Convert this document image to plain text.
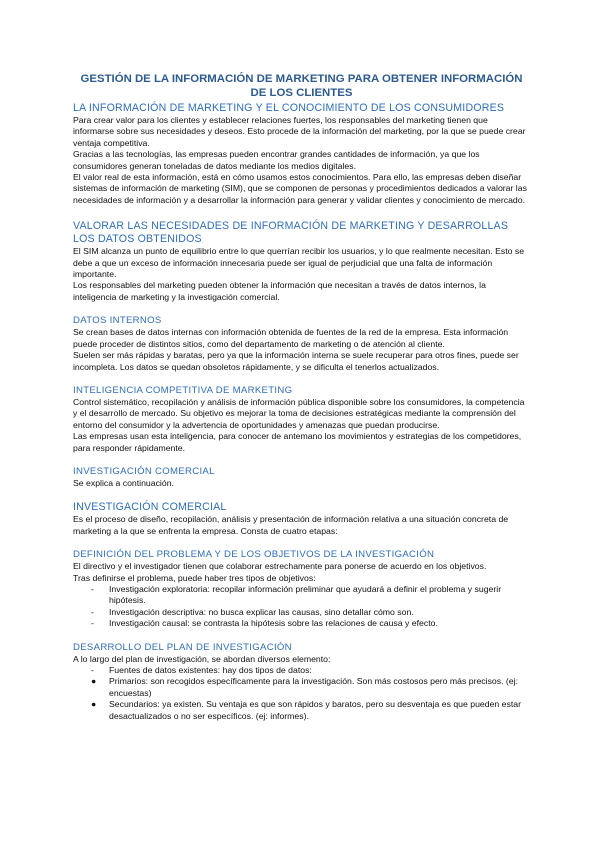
GESTIÓN DE LA INFORMACIÓN DE MARKETING PARA OBTENER INFORMACIÓN DE LOS CLIENTES
LA INFORMACIÓN DE MARKETING Y EL CONOCIMIENTO DE LOS CONSUMIDORES

Para crear valor para los clientes y establecer relaciones fuertes, los responsables del marketing tienen que informarse sobre sus necesidades y deseos. Esto procede de la información del marketing, por la que se puede crear ventaja competitiva.

Gracias a las tecnologías, las empresas pueden encontrar grandes cantidades de información, ya que los consumidores generan toneladas de datos mediante los medios digitales.

El valor real de esta información, está en cómo usamos estos conocimientos. Para ello, las empresas deben diseñar sistemas de información de marketing (SIM), que se componen de personas y procedimientos dedicados a valorar las necesidades de información y a desarrollar la información para generar y validar clientes y conocimiento de mercado.

VALORAR LAS NECESIDADES DE INFORMACIÓN DE MARKETING Y DESARROLLAS LOS DATOS OBTENIDOS

El SIM alcanza un punto de equilibrio entre lo que querrían recibir los usuarios, y lo que realmente necesitan. Esto se debe a que un exceso de información innecesaria puede ser igual de perjudicial que una falta de información importante.

Los responsables del marketing pueden obtener la información que necesitan a través de datos internos, la inteligencia de marketing y la investigación comercial.

DATOS INTERNOS

Se crean bases de datos internas con información obtenida de fuentes de la red de la empresa. Esta información puede proceder de distintos sitios, como del departamento de marketing o de atención al cliente.

Suelen ser más rápidas y baratas, pero ya que la información interna se suele recuperar para otros fines, puede ser incompleta. Los datos se quedan obsoletos rápidamente, y se dificulta el tenerlos actualizados.

INTELIGENCIA COMPETITIVA DE MARKETING

Control sistemático, recopilación y análisis de información pública disponible sobre los consumidores, la competencia y el desarrollo de mercado. Su objetivo es mejorar la toma de decisiones estratégicas mediante la comprensión del entorno del consumidor y la advertencia de oportunidades y amenazas que puedan producirse.

Las empresas usan esta inteligencia, para conocer de antemano los movimientos y estrategias de los competidores, para responder rápidamente.

INVESTIGACIÓN COMERCIAL

Se explica a continuación.

INVESTIGACIÓN COMERCIAL

Es el proceso de diseño, recopilación, análisis y presentación de información relativa a una situación concreta de marketing a la que se enfrenta la empresa. Consta de cuatro etapas:

DEFINICIÓN DEL PROBLEMA Y DE LOS OBJETIVOS DE LA INVESTIGACIÓN

El directivo y el investigador tienen que colaborar estrechamente para ponerse de acuerdo en los objetivos.

Tras definirse el problema, puede haber tres tipos de objetivos:

- Investigación exploratoria: recopilar información preliminar que ayudará a definir el problema y sugerir hipótesis.
- Investigación descriptiva: no busca explicar las causas, sino detallar cómo son.
- Investigación causal: se contrasta la hipótesis sobre las relaciones de causa y efecto.
DESARROLLO DEL PLAN DE INVESTIGACIÓN

A lo largo del plan de investigación, se abordan diversos elemento:

- Fuentes de datos existentes: hay dos tipos de datos:
● Primarios: son recogidos específicamente para la investigación. Son más costosos pero más precisos. (ej: encuestas)
● Secundarios: ya existen. Su ventaja es que son rápidos y baratos, pero su desventaja es que pueden estar desactualizados o no ser específicos. (ej: informes).
